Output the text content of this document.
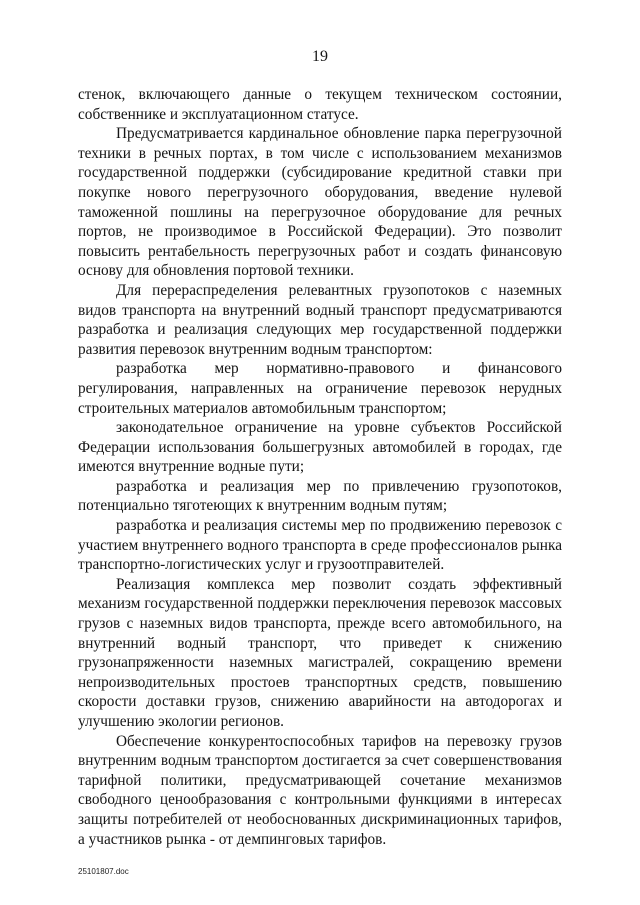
19

стенок, включающего данные о текущем техническом состоянии, собственнике и эксплуатационном статусе.

Предусматривается кардинальное обновление парка перегрузочной техники в речных портах, в том числе с использованием механизмов государственной поддержки (субсидирование кредитной ставки при покупке нового перегрузочного оборудования, введение нулевой таможенной пошлины на перегрузочное оборудование для речных портов, не производимое в Российской Федерации). Это позволит повысить рентабельность перегрузочных работ и создать финансовую основу для обновления портовой техники.

Для перераспределения релевантных грузопотоков с наземных видов транспорта на внутренний водный транспорт предусматриваются разработка и реализация следующих мер государственной поддержки развития перевозок внутренним водным транспортом:

разработка мер нормативно-правового и финансового регулирования, направленных на ограничение перевозок нерудных строительных материалов автомобильным транспортом;

законодательное ограничение на уровне субъектов Российской Федерации использования большегрузных автомобилей в городах, где имеются внутренние водные пути;

разработка и реализация мер по привлечению грузопотоков, потенциально тяготеющих к внутренним водным путям;

разработка и реализация системы мер по продвижению перевозок с участием внутреннего водного транспорта в среде профессионалов рынка транспортно-логистических услуг и грузоотправителей.

Реализация комплекса мер позволит создать эффективный механизм государственной поддержки переключения перевозок массовых грузов с наземных видов транспорта, прежде всего автомобильного, на внутренний водный транспорт, что приведет к снижению грузонапряженности наземных магистралей, сокращению времени непроизводительных простоев транспортных средств, повышению скорости доставки грузов, снижению аварийности на автодорогах и улучшению экологии регионов.

Обеспечение конкурентоспособных тарифов на перевозку грузов внутренним водным транспортом достигается за счет совершенствования тарифной политики, предусматривающей сочетание механизмов свободного ценообразования с контрольными функциями в интересах защиты потребителей от необоснованных дискриминационных тарифов, а участников рынка - от демпинговых тарифов.

25101807.doc
